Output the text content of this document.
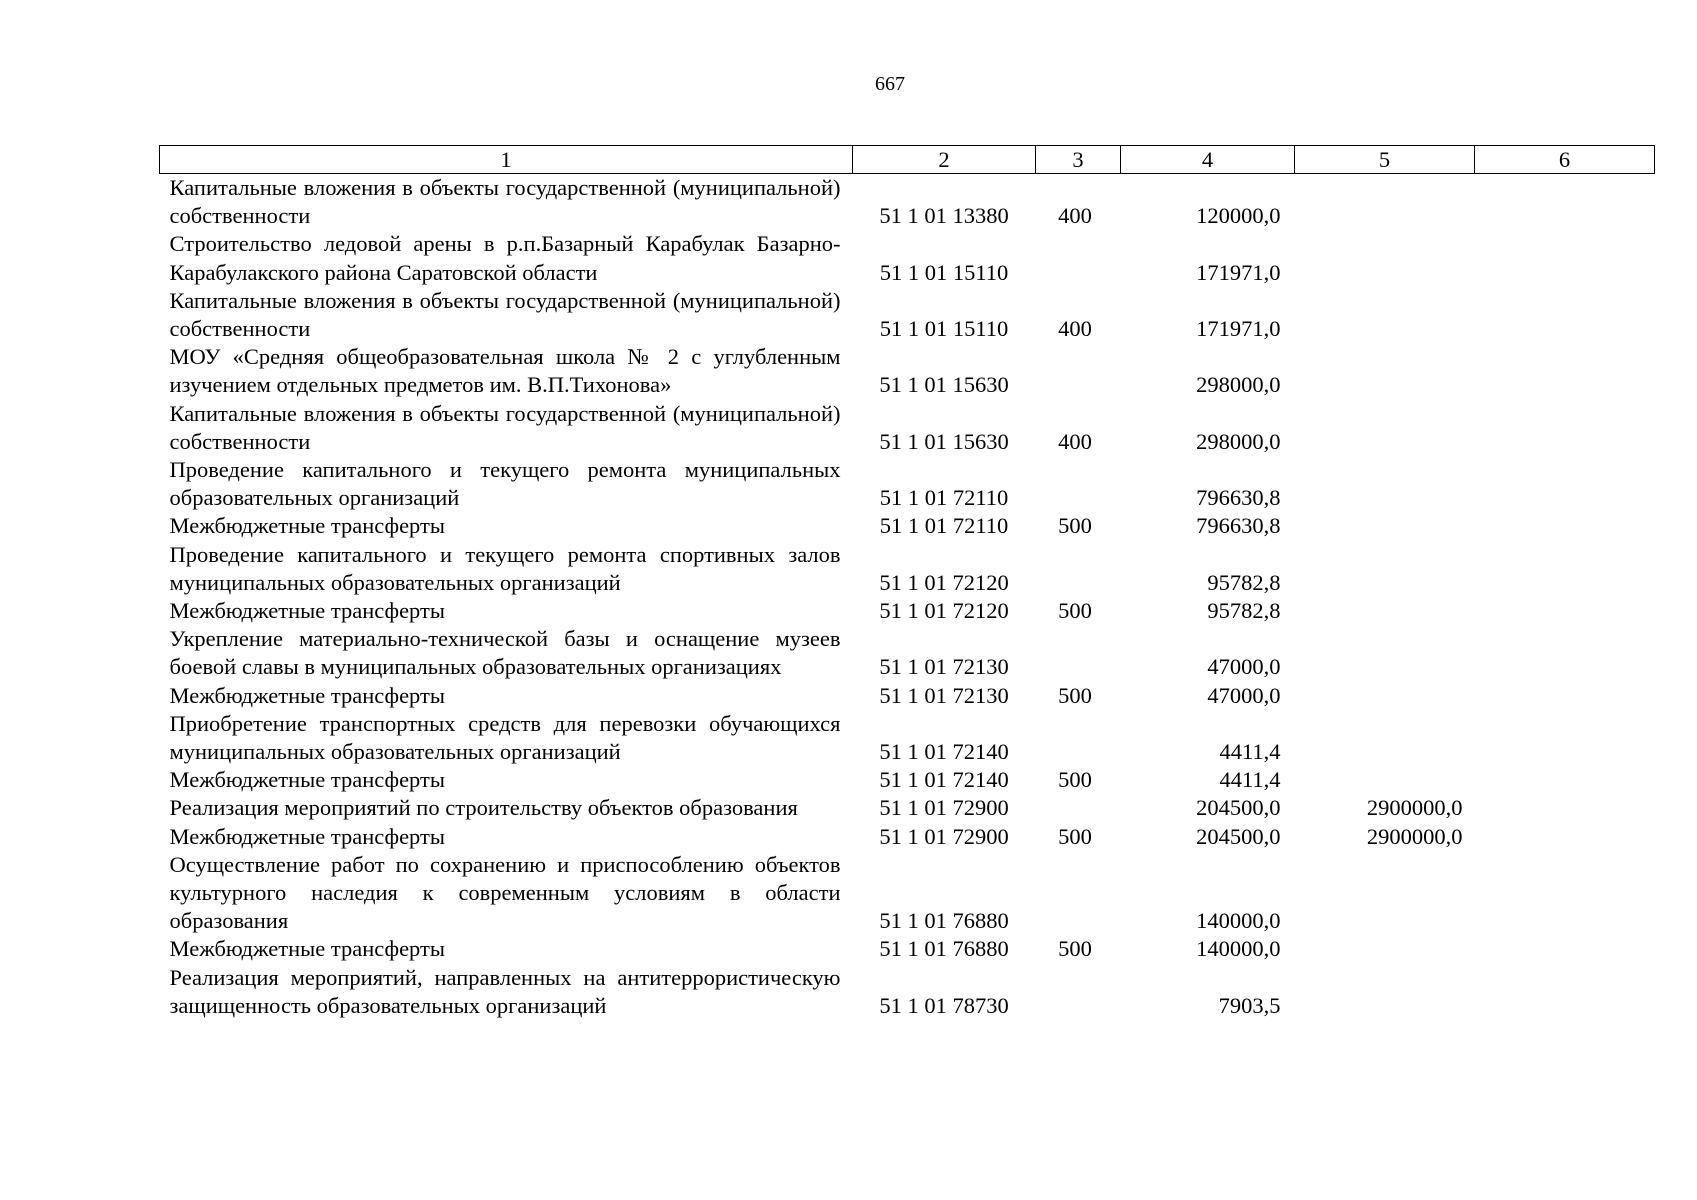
667
1	2	3	4	5	6
Капитальные вложения в объекты государственной (муниципальной) собственности	51 1 01 13380	400	120000,0		
Строительство ледовой арены в р.п.Базарный Карабулак Базарно-Карабулакского района Саратовской области	51 1 01 15110		171971,0		
Капитальные вложения в объекты государственной (муниципальной) собственности	51 1 01 15110	400	171971,0		
МОУ «Средняя общеобразовательная школа № 2 с углубленным изучением отдельных предметов им. В.П.Тихонова»	51 1 01 15630		298000,0		
Капитальные вложения в объекты государственной (муниципальной) собственности	51 1 01 15630	400	298000,0		
Проведение капитального и текущего ремонта муниципальных образовательных организаций	51 1 01 72110		796630,8		
Межбюджетные трансферты	51 1 01 72110	500	796630,8		
Проведение капитального и текущего ремонта спортивных залов муниципальных образовательных организаций	51 1 01 72120		95782,8		
Межбюджетные трансферты	51 1 01 72120	500	95782,8		
Укрепление материально-технической базы и оснащение музеев боевой славы в муниципальных образовательных организациях	51 1 01 72130		47000,0		
Межбюджетные трансферты	51 1 01 72130	500	47000,0		
Приобретение транспортных средств для перевозки обучающихся муниципальных образовательных организаций	51 1 01 72140		4411,4		
Межбюджетные трансферты	51 1 01 72140	500	4411,4		
Реализация мероприятий по строительству объектов образования	51 1 01 72900		204500,0	2900000,0	
Межбюджетные трансферты	51 1 01 72900	500	204500,0	2900000,0	
Осуществление работ по сохранению и приспособлению объектов культурного наследия к современным условиям в области образования	51 1 01 76880		140000,0		
Межбюджетные трансферты	51 1 01 76880	500	140000,0		
Реализация мероприятий, направленных на антитеррористическую защищенность образовательных организаций	51 1 01 78730		7903,5		
